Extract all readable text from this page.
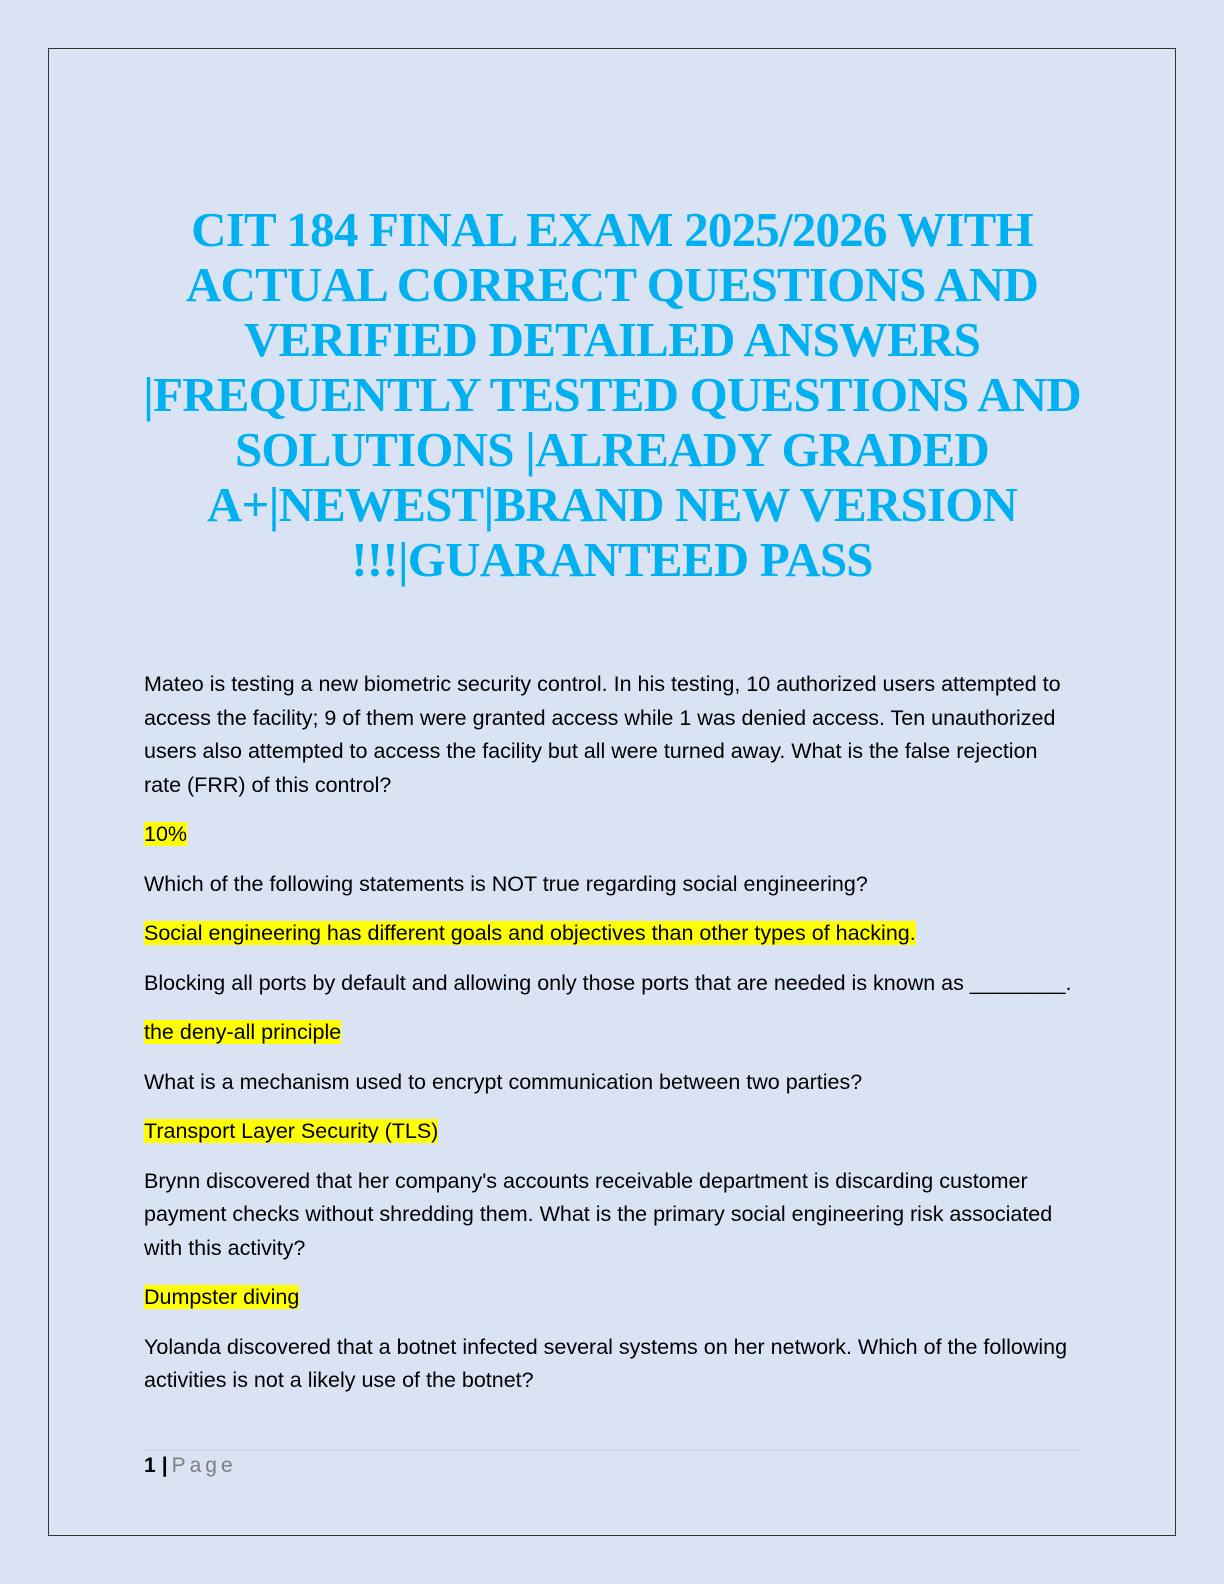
CIT 184 FINAL EXAM 2025/2026 WITH
ACTUAL CORRECT QUESTIONS AND
VERIFIED DETAILED ANSWERS
|FREQUENTLY TESTED QUESTIONS AND
SOLUTIONS |ALREADY GRADED
A+|NEWEST|BRAND NEW VERSION
!!!|GUARANTEED PASS

Mateo is testing a new biometric security control. In his testing, 10 authorized users attempted to access the facility; 9 of them were granted access while 1 was denied access. Ten unauthorized users also attempted to access the facility but all were turned away. What is the false rejection rate (FRR) of this control?

10%

Which of the following statements is NOT true regarding social engineering?

Social engineering has different goals and objectives than other types of hacking.

Blocking all ports by default and allowing only those ports that are needed is known as ________.

the deny-all principle

What is a mechanism used to encrypt communication between two parties?

Transport Layer Security (TLS)

Brynn discovered that her company's accounts receivable department is discarding customer payment checks without shredding them. What is the primary social engineering risk associated with this activity?

Dumpster diving

Yolanda discovered that a botnet infected several systems on her network. Which of the following activities is not a likely use of the botnet?

1 | Page
